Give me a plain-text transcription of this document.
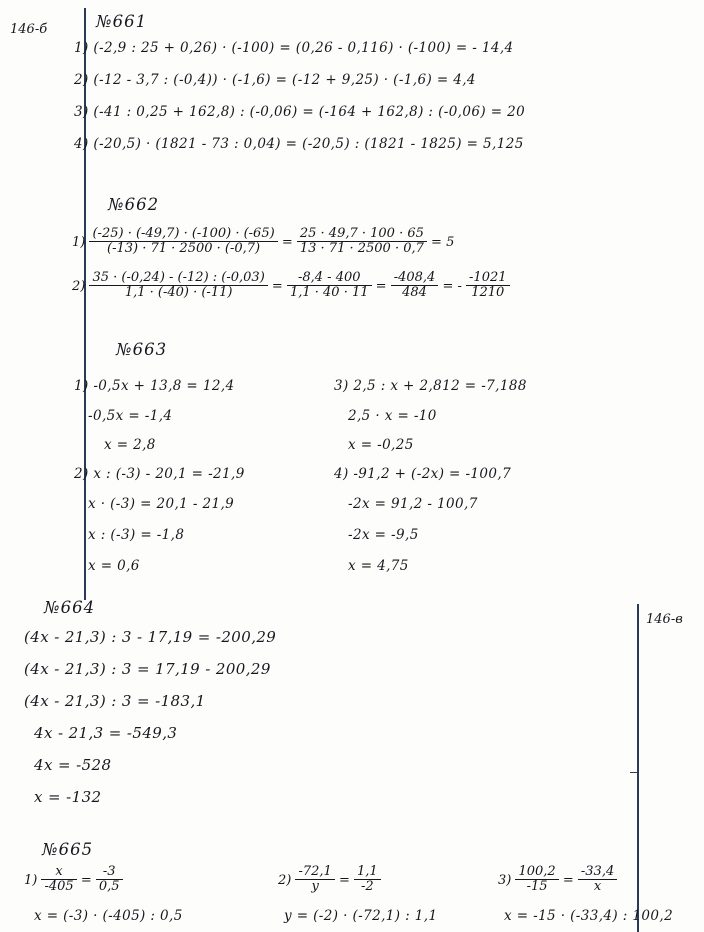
146-б
146-в
№661
1) (-2,9 : 25 + 0,26) · (-100) = (0,26 - 0,116) · (-100) = - 14,4
2) (-12 - 3,7 : (-0,4)) · (-1,6) = (-12 + 9,25) · (-1,6) = 4,4
3) (-41 : 0,25 + 162,8) : (-0,06) = (-164 + 162,8) : (-0,06) = 20
4) (-20,5) · (1821 - 73 : 0,04) = (-20,5) : (1821 - 1825) = 5,125
№662
$1) \frac{(-25) \cdot (-49,7) \cdot (-100) \cdot (-65)}{(-13) \cdot 71 \cdot 2500 \cdot (-0,7)} = \frac{25 \cdot 49,7 \cdot 100 \cdot 65}{13 \cdot 71 \cdot 2500 \cdot 0,7} = 5$
$2) \frac{35 \cdot (-0,24) - (-12) : (-0,03)}{1,1 \cdot (-40) \cdot (-11)} = \frac{-8,4 - 400}{1,1 \cdot 40 \cdot 11} = \frac{-408,4}{484}$ = - $\frac{-1021}{1210}$
№663
1) -0,5x + 13,8 = 12,4
-0,5x = -1,4
x = 2,8
2) x : (-3) - 20,1 = -21,9
x · (-3) = 20,1 - 21,9
x : (-3) = -1,8
x = 0,6
3) 2,5 : x + 2,812 = -7,188
2,5 · x = -10
x = -0,25
4) -91,2 + (-2x) = -100,7
-2x = 91,2 - 100,7
-2x = -9,5
x = 4,75
№664
(4x - 21,3) : 3 - 17,19 = -200,29
(4x - 21,3) : 3 = 17,19 - 200,29
(4x - 21,3) : 3 = -183,1
4x - 21,3 = -549,3
4x = -528
x = -132
№665
$1) \frac{x}{-405} = \frac{-3}{0,5}$
x = (-3) · (-405) : 0,5
$2) \frac{-72,1}{y} = \frac{1,1}{-2}$
y = (-2) · (-72,1) : 1,1
$3) \frac{100,2}{-15} = \frac{-33,4}{x}$
x = -15 · (-33,4) : 100,2
